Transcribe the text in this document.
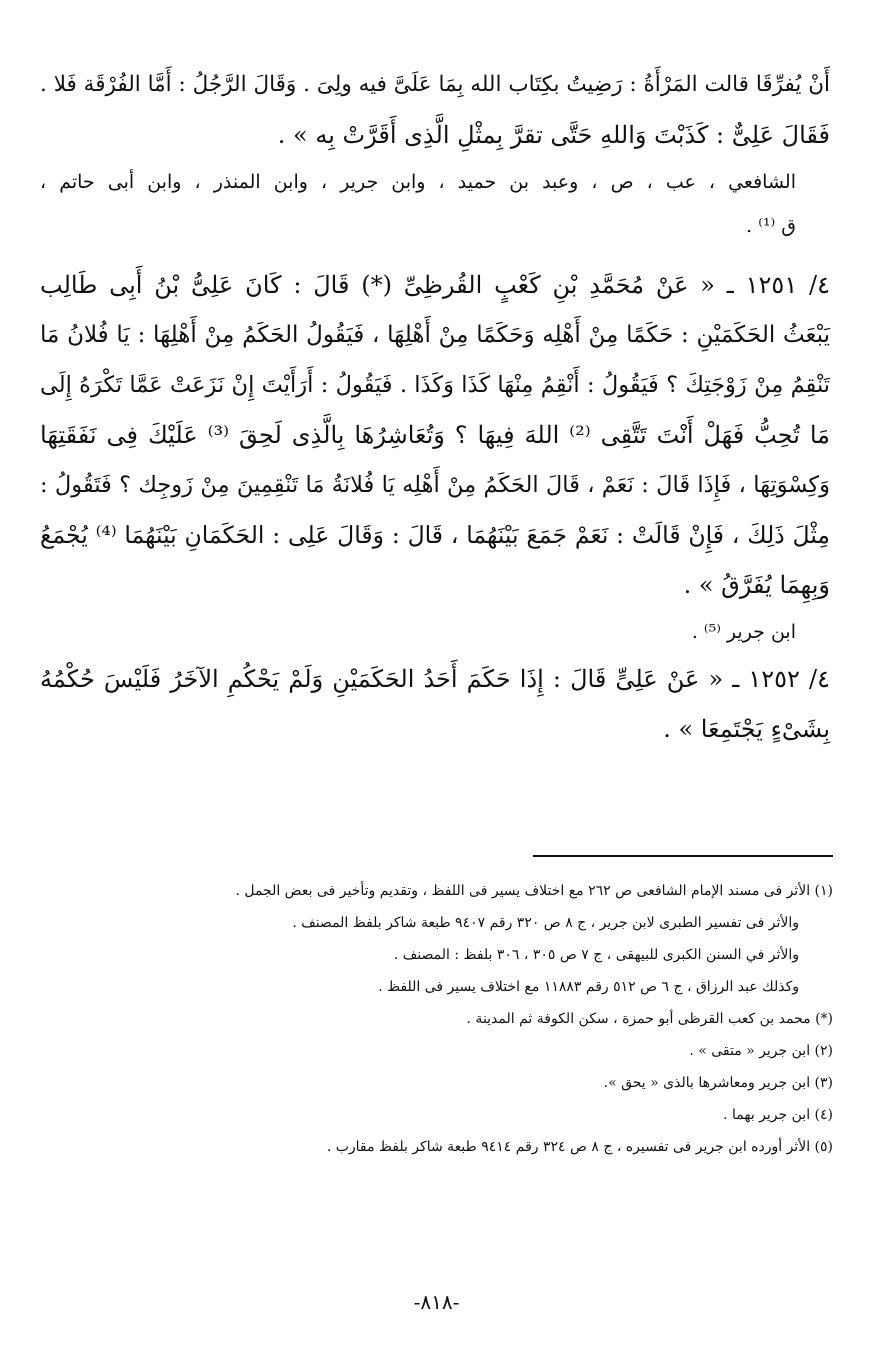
أَنْ يُفرِّقَا قالت المَرْأَةُ : رَضِيتُ بكِتَاب الله بِمَا عَلَىَّ فيه ولِىَ . وَقَالَ الرَّجُلُ : أَمَّا الفُرْقَة فَلا .
فَقَالَ عَلِىٌّ : كَذَبْتَ وَاللهِ حَتَّى تقرَّ بِمثْلِ الَّذِى أَقَرَّتْ بِه » .
الشافعي ، عب ، ص ، وعبد بن حميد ، وابن جرير ، وابن المنذر ، وابن أبى حاتم ،
ق ⁽¹⁾ .
٤/ ١٢٥١ ـ « عَنْ مُحَمَّدِ بْنِ كَعْبٍ القُرظِىِّ (*) قَالَ : كَانَ عَلِىُّ بْنُ أَبِى طَالِب
يَبْعَثُ الحَكَمَيْنِ : حَكَمًا مِنْ أَهْلِه وَحَكَمًا مِنْ أَهْلِهَا ، فَيَقُولُ الحَكَمُ مِنْ أَهْلِهَا : يَا فُلانُ مَا
تَنْقِمُ مِنْ زَوْجَتِكَ ؟ فَيَقُولُ : أَنْقِمُ مِنْهَا كَذَا وَكَذَا . فَيَقُولُ : أَرَأَيْتَ إِنْ نَزَعَتْ عَمَّا تَكْرَهُ إِلَى
مَا تُحِبُّ فَهَلْ أَنْتَ تَتَّقِى ⁽²⁾ اللهَ فِيهَا ؟ وَتُعَاشِرُهَا بِالَّذِى لَحِقَ ⁽³⁾ عَلَيْكَ فِى نَفَقَتِهَا
وَكِسْوَتِهَا ، فَإِذَا قَالَ : نَعَمْ ، قَالَ الحَكَمُ مِنْ أَهْلِه يَا فُلانَةُ مَا تَنْقِمِينَ مِنْ زَوجِك ؟ فَتَقُولُ :
مِثْلَ ذَلِكَ ، فَإِنْ قَالَتْ : نَعَمْ جَمَعَ بَيْنَهُمَا ، قَالَ : وَقَالَ عَلِى : الحَكَمَانِ بَيْنَهُمَا ⁽⁴⁾ يُجْمَعُ
وَبِهِمَا يُفَرَّقُ » .
ابن جرير ⁽⁵⁾ .
٤/ ١٢٥٢ ـ « عَنْ عَلِىٍّ قَالَ : إِذَا حَكَمَ أَحَدُ الحَكَمَيْنِ وَلَمْ يَحْكُمِ الآخَرُ فَلَيْسَ حُكْمُهُ
بِشَىْءٍ يَجْتَمِعَا » .
(١) الأثر فى مسند الإمام الشافعى ص ٢٦٢ مع اختلاف يسير فى اللفظ ، وتقديم وتأخير فى بعض الجمل .
والأثر فى تفسير الطبرى لابن جرير ، ج ٨ ص ٣٢٠ رقم ٩٤٠٧ طبعة شاكر بلفظ المصنف .
والأثر في السنن الكبرى للبيهقى ، ج ٧ ص ٣٠٥ ، ٣٠٦ بلفظ : المصنف .
وكذلك عبد الرزاق ، ج ٦ ص ٥١٢ رقم ١١٨٨٣ مع اختلاف يسير فى اللفظ .
(*) محمد بن كعب القرظى أبو حمزة ، سكن الكوفة ثم المدينة .
(٢) ابن جرير « متقى » .
(٣) ابن جرير ومعاشرها بالذى « يحق ».
(٤) ابن جرير بهما .
(٥) الأثر أورده ابن جرير فى تفسيره ، ج ٨ ص ٣٢٤ رقم ٩٤١٤ طبعة شاكر بلفظ مقارب .
-٨١٨-
